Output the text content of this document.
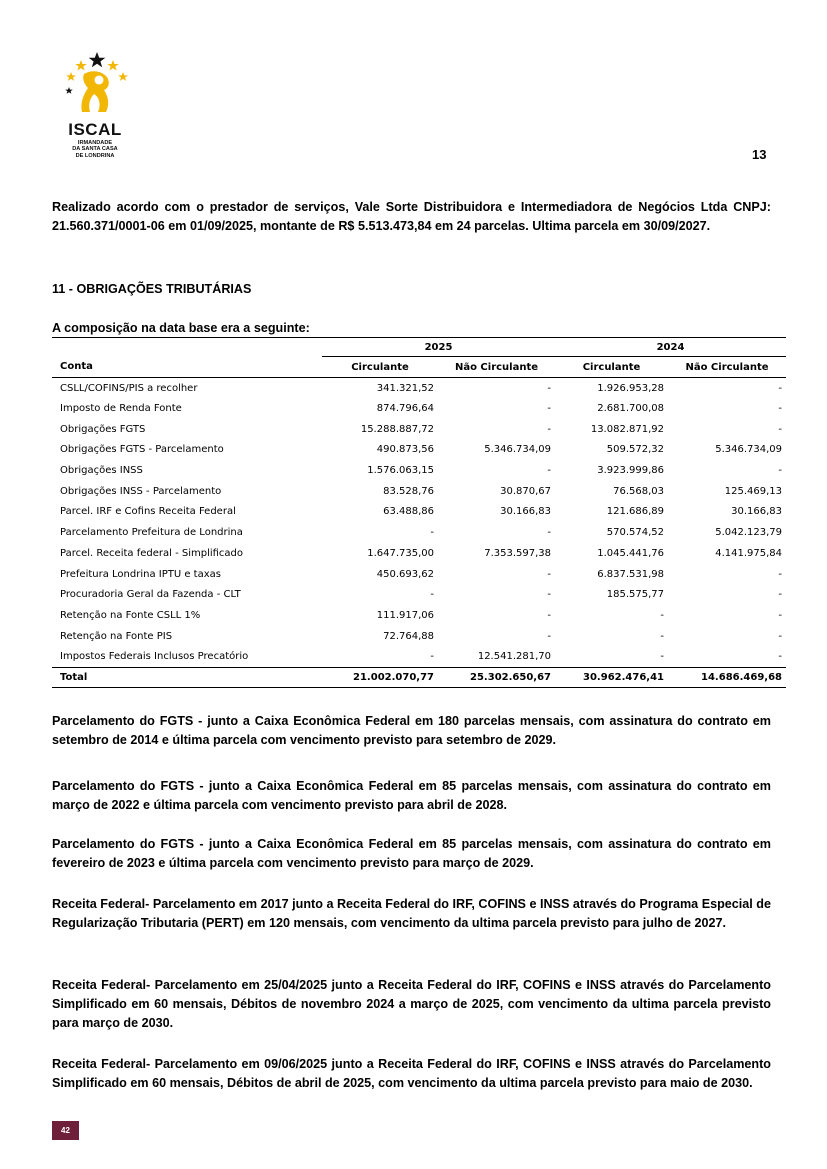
ISCAL
IRMANDADE
DA SANTA CASA
DE LONDRINA	13

Realizado acordo com o prestador de serviços, Vale Sorte Distribuidora e Intermediadora de Negócios Ltda CNPJ: 21.560.371/0001-06 em 01/09/2025, montante de R$ 5.513.473,84 em 24 parcelas. Ultima parcela em 30/09/2027.

11 - OBRIGAÇÕES TRIBUTÁRIAS
A composição na data base era a seguinte:
	2025		2024	
Conta	Circulante	Não Circulante	Circulante	Não Circulante
CSLL/COFINS/PIS a recolher	341.321,52	-	1.926.953,28	-
Imposto de Renda Fonte	874.796,64	-	2.681.700,08	-
Obrigações FGTS	15.288.887,72	-	13.082.871,92	-
Obrigações FGTS - Parcelamento	490.873,56	5.346.734,09	509.572,32	5.346.734,09
Obrigações INSS	1.576.063,15	-	3.923.999,86	-
Obrigações INSS - Parcelamento	83.528,76	30.870,67	76.568,03	125.469,13
Parcel. IRF e Cofins Receita Federal	63.488,86	30.166,83	121.686,89	30.166,83
Parcelamento Prefeitura de Londrina	-	-	570.574,52	5.042.123,79
Parcel. Receita federal - Simplificado	1.647.735,00	7.353.597,38	1.045.441,76	4.141.975,84
Prefeitura Londrina IPTU e taxas	450.693,62	-	6.837.531,98	-
Procuradoria Geral da Fazenda - CLT	-	-	185.575,77	-
Retenção na Fonte CSLL 1%	111.917,06	-	-	-
Retenção na Fonte PIS	72.764,88	-	-	-
Impostos Federais Inclusos Precatório	-	12.541.281,70	-	-
Total	21.002.070,77	25.302.650,67	30.962.476,41	14.686.469,68

Parcelamento do FGTS - junto a Caixa Econômica Federal em 180 parcelas mensais, com assinatura do contrato em setembro de 2014 e última parcela com vencimento previsto para setembro de 2029.

Parcelamento do FGTS - junto a Caixa Econômica Federal em 85 parcelas mensais, com assinatura do contrato em março de 2022 e última parcela com vencimento previsto para abril de 2028.

Parcelamento do FGTS - junto a Caixa Econômica Federal em 85 parcelas mensais, com assinatura do contrato em fevereiro de 2023 e última parcela com vencimento previsto para março de 2029.

Receita Federal- Parcelamento em 2017 junto a Receita Federal do IRF, COFINS e INSS através do Programa Especial de Regularização Tributaria (PERT) em 120 mensais, com vencimento da ultima parcela previsto para julho de 2027.

Receita Federal- Parcelamento em 25/04/2025 junto a Receita Federal do IRF, COFINS e INSS através do Parcelamento Simplificado em 60 mensais, Débitos de novembro 2024 a março de 2025, com vencimento da ultima parcela previsto para março de 2030.

Receita Federal- Parcelamento em 09/06/2025 junto a Receita Federal do IRF, COFINS e INSS através do Parcelamento Simplificado em 60 mensais, Débitos de abril de 2025, com vencimento da ultima parcela previsto para maio de 2030.

42
